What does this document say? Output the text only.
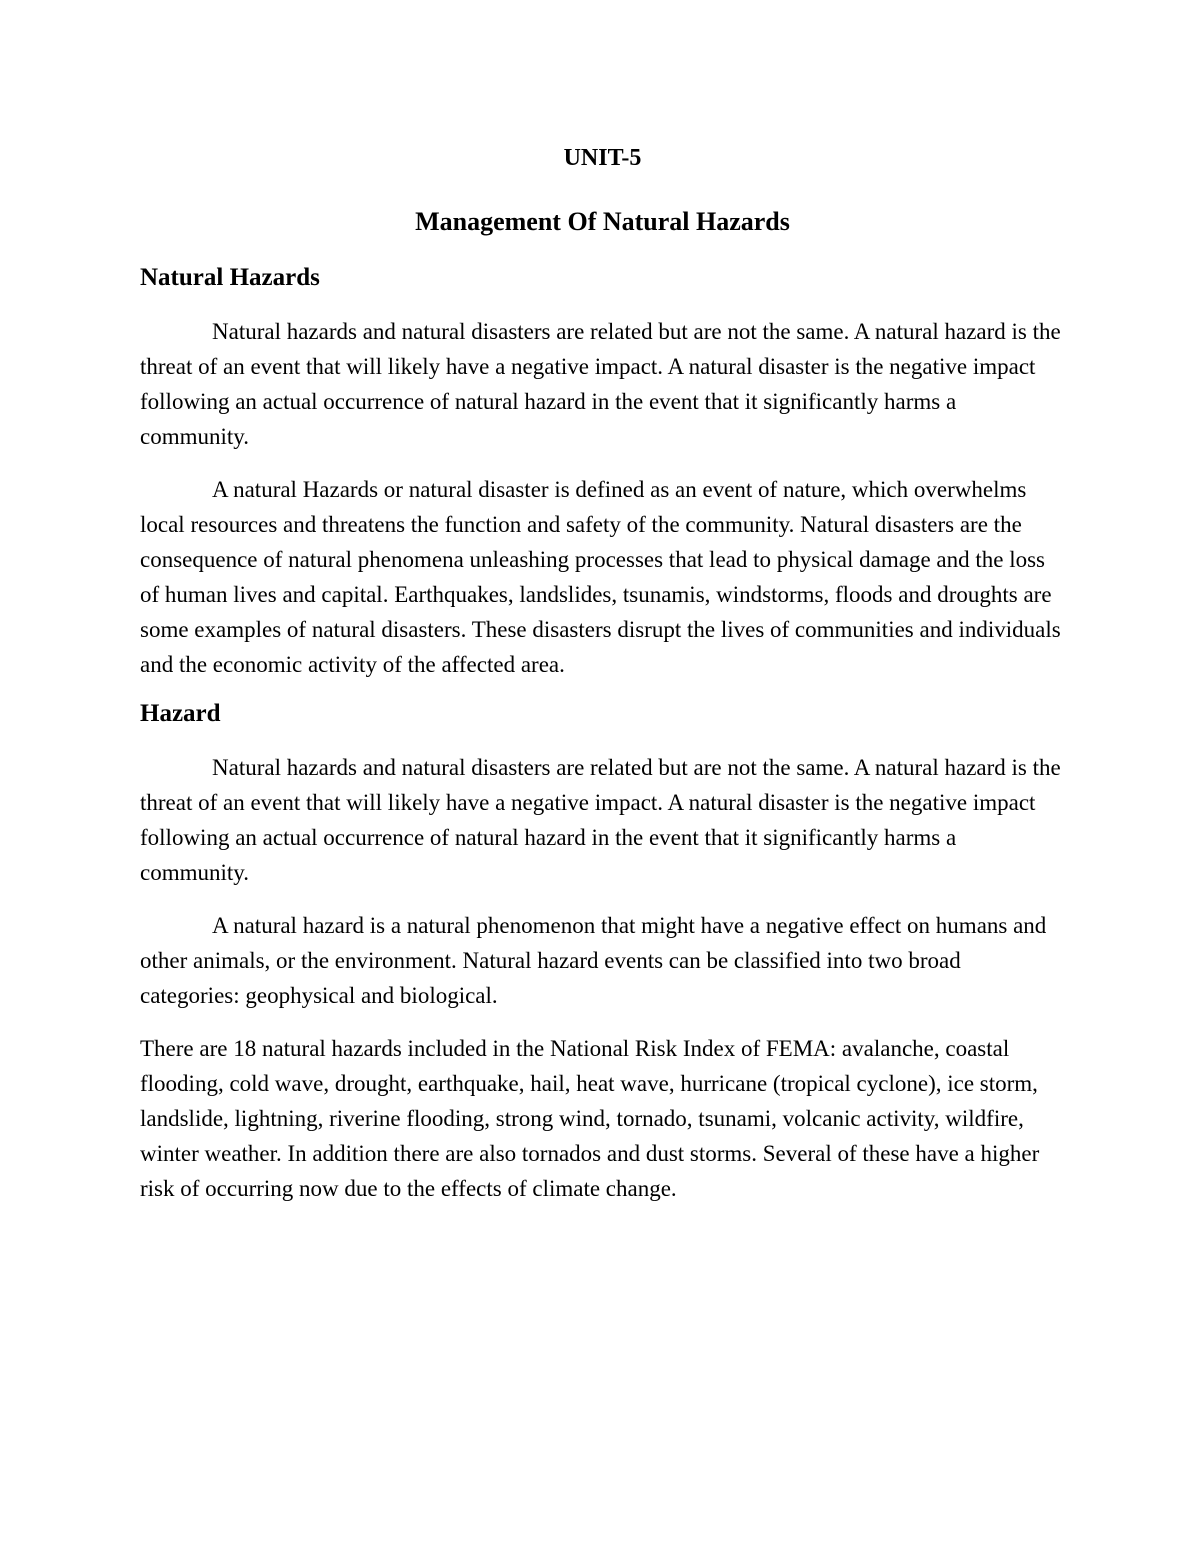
UNIT-5
Management Of Natural Hazards
Natural Hazards

Natural hazards and natural disasters are related but are not the same. A natural hazard is the threat of an event that will likely have a negative impact. A natural disaster is the negative impact following an actual occurrence of natural hazard in the event that it significantly harms a community.

A natural Hazards or natural disaster is defined as an event of nature, which overwhelms local resources and threatens the function and safety of the community. Natural disasters are the consequence of natural phenomena unleashing processes that lead to physical damage and the loss of human lives and capital. Earthquakes, landslides, tsunamis, windstorms, floods and droughts are some examples of natural disasters. These disasters disrupt the lives of communities and individuals and the economic activity of the affected area.

Hazard

Natural hazards and natural disasters are related but are not the same. A natural hazard is the threat of an event that will likely have a negative impact. A natural disaster is the negative impact following an actual occurrence of natural hazard in the event that it significantly harms a community.

A natural hazard is a natural phenomenon that might have a negative effect on humans and other animals, or the environment. Natural hazard events can be classified into two broad categories: geophysical and biological.

There are 18 natural hazards included in the National Risk Index of FEMA: avalanche, coastal flooding, cold wave, drought, earthquake, hail, heat wave, hurricane (tropical cyclone), ice storm, landslide, lightning, riverine flooding, strong wind, tornado, tsunami, volcanic activity, wildfire, winter weather. In addition there are also tornados and dust storms. Several of these have a higher risk of occurring now due to the effects of climate change.
